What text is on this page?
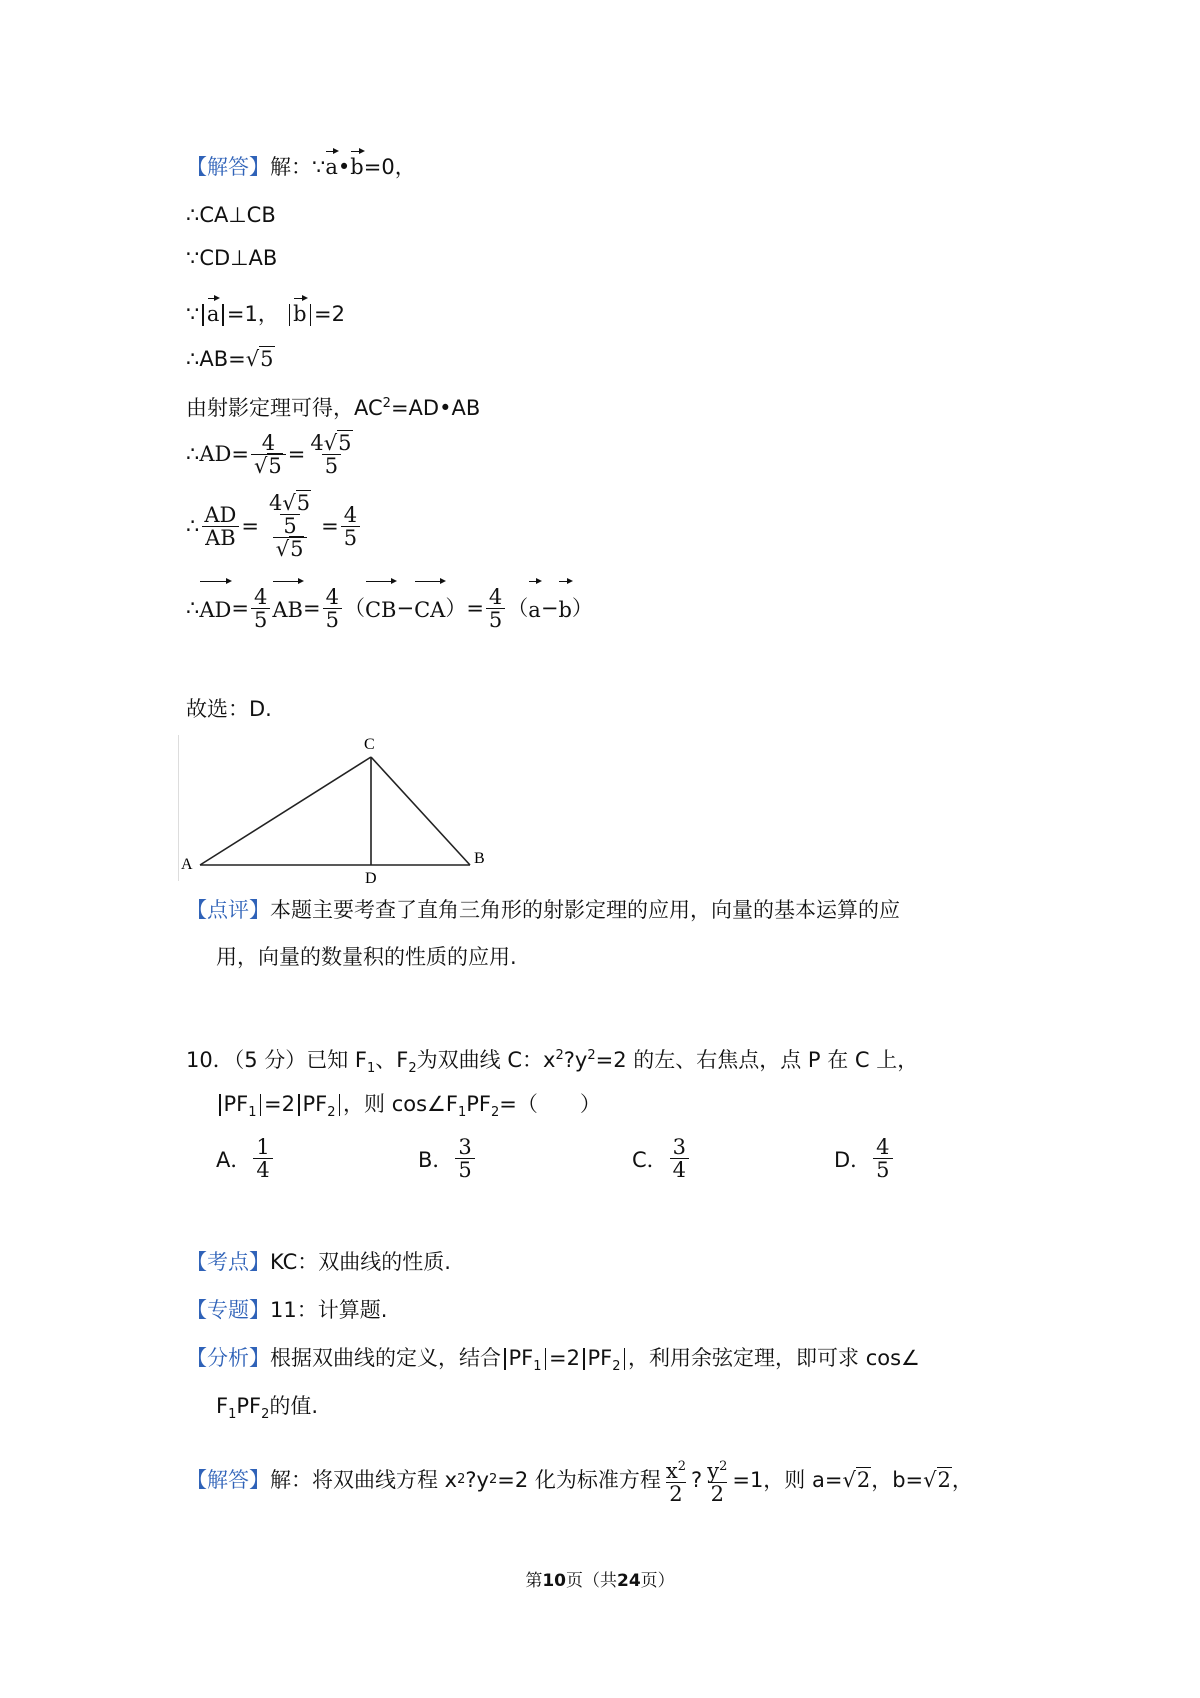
【解答】解：∵a•b=0，
∴CA⊥CB
∵CD⊥AB
∵ a =1， b =2
∴AB=√5
由射影定理可得，$AC^2=AD•AB$
∴ AD = $\frac{4}{√5} = \frac{4√5}{5}$
∴ $\frac{AD}{AB} = \frac{\frac{4√5}{5}}{√5} = \frac{4}{5}$
∴ AD = $\frac{4}{5}$ AB = $\frac{4}{5}$ （ CB − CA ） = $\frac{4}{5}$ （ a − b ）
故选：D.
C
A	B
D
【点评】本题主要考查了直角三角形的射影定理的应用，向量的基本运算的应
用，向量的数量积的性质的应用.
10．（5 分）已知 $F_1$、$F_2$为双曲线 C：$x^2?y^2=2$ 的左、右焦点，点 P 在 C 上，
$PF_1 =2$ $PF_2$ ，则 $\cos\angle F_1PF_2=$（　　）
A． $\frac{1}{4}$	B． $\frac{3}{5}$	C． $\frac{3}{4}$	D． $\frac{4}{5}$
【考点】KC：双曲线的性质.
【专题】11：计算题.
【分析】根据双曲线的定义，结合 $PF_1 =2$ $PF_2$ ，利用余弦定理，即可求 cos∠
$F_1PF_2$的值.
【解答】 解：将双曲线方程 x 2 ? y 2 =2 化为标准方程 $\frac{x^2}{2}$ ? $\frac{y^2}{2} =1$，则 a= √2 ，b= √2 ，
第10页（共24页）
